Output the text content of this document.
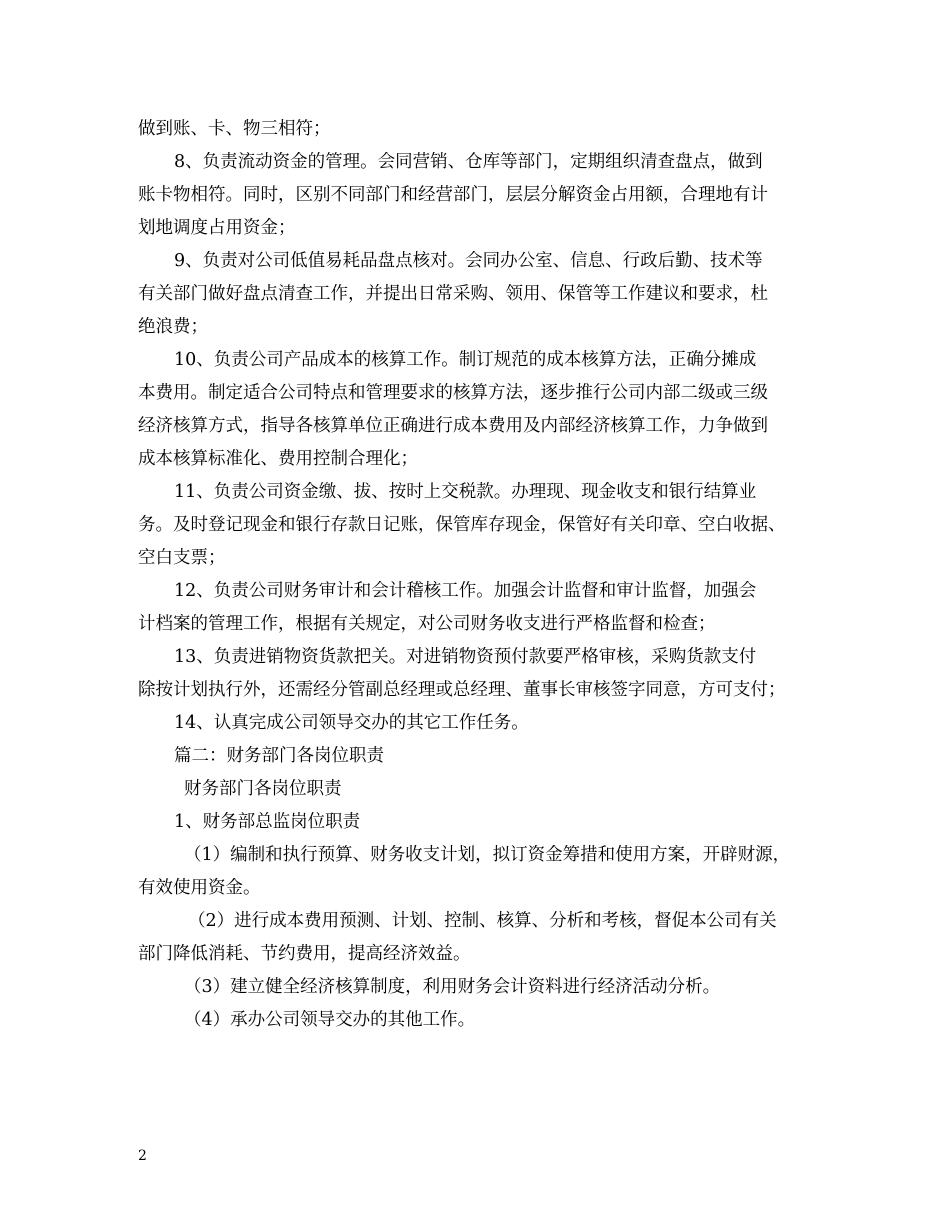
做到账、卡、物三相符；
8、负责流动资金的管理。会同营销、仓库等部门，定期组织清查盘点，做到
账卡物相符。同时，区别不同部门和经营部门，层层分解资金占用额，合理地有计
划地调度占用资金；
9、负责对公司低值易耗品盘点核对。会同办公室、信息、行政后勤、技术等
有关部门做好盘点清查工作，并提出日常采购、领用、保管等工作建议和要求，杜
绝浪费；
10、负责公司产品成本的核算工作。制订规范的成本核算方法，正确分摊成
本费用。制定适合公司特点和管理要求的核算方法，逐步推行公司内部二级或三级
经济核算方式，指导各核算单位正确进行成本费用及内部经济核算工作，力争做到
成本核算标准化、费用控制合理化；
11、负责公司资金缴、拔、按时上交税款。办理现、现金收支和银行结算业
务。及时登记现金和银行存款日记账，保管库存现金，保管好有关印章、空白收据、
空白支票；
12、负责公司财务审计和会计稽核工作。加强会计监督和审计监督，加强会
计档案的管理工作，根据有关规定，对公司财务收支进行严格监督和检查；
13、负责进销物资货款把关。对进销物资预付款要严格审核，采购货款支付
除按计划执行外，还需经分管副总经理或总经理、董事长审核签字同意，方可支付；
14、认真完成公司领导交办的其它工作任务。
篇二：财务部门各岗位职责
财务部门各岗位职责
1、财务部总监岗位职责
（1）编制和执行预算、财务收支计划，拟订资金筹措和使用方案，开辟财源，
有效使用资金。
（2）进行成本费用预测、计划、控制、核算、分析和考核，督促本公司有关
部门降低消耗、节约费用，提高经济效益。
（3）建立健全经济核算制度，利用财务会计资料进行经济活动分析。
（4）承办公司领导交办的其他工作。
2
